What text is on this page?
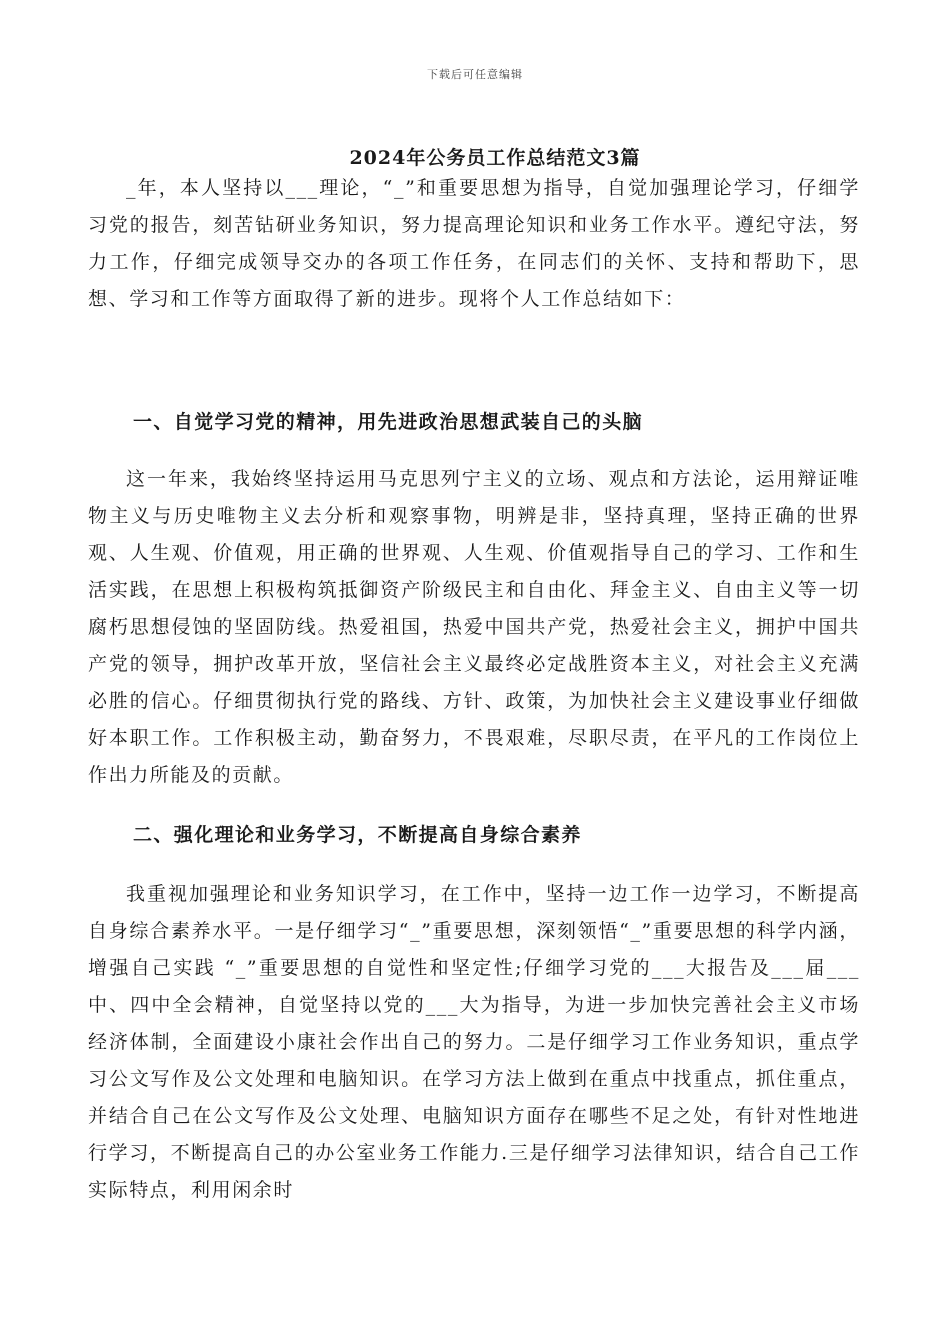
下载后可任意编辑
2024年公务员工作总结范文3篇

_年，本人坚持以___理论，“_”和重要思想为指导，自觉加强理论学习，仔细学习党的报告，刻苦钻研业务知识，努力提高理论知识和业务工作水平。遵纪守法，努力工作，仔细完成领导交办的各项工作任务，在同志们的关怀、支持和帮助下，思想、学习和工作等方面取得了新的进步。现将个人工作总结如下：

一、自觉学习党的精神，用先进政治思想武装自己的头脑

这一年来，我始终坚持运用马克思列宁主义的立场、观点和方法论，运用辩证唯物主义与历史唯物主义去分析和观察事物，明辨是非，坚持真理，坚持正确的世界观、人生观、价值观，用正确的世界观、人生观、价值观指导自己的学习、工作和生活实践，在思想上积极构筑抵御资产阶级民主和自由化、拜金主义、自由主义等一切腐朽思想侵蚀的坚固防线。热爱祖国，热爱中国共产党，热爱社会主义，拥护中国共产党的领导，拥护改革开放，坚信社会主义最终必定战胜资本主义，对社会主义充满必胜的信心。仔细贯彻执行党的路线、方针、政策，为加快社会主义建设事业仔细做好本职工作。工作积极主动，勤奋努力，不畏艰难，尽职尽责，在平凡的工作岗位上作出力所能及的贡献。

二、强化理论和业务学习，不断提高自身综合素养

我重视加强理论和业务知识学习，在工作中，坚持一边工作一边学习，不断提高自身综合素养水平。一是仔细学习“_”重要思想，深刻领悟“_”重要思想的科学内涵，增强自己实践 “_”重要思想的自觉性和坚定性;仔细学习党的___大报告及___届___中、四中全会精神，自觉坚持以党的___大为指导，为进一步加快完善社会主义市场经济体制，全面建设小康社会作出自己的努力。二是仔细学习工作业务知识，重点学习公文写作及公文处理和电脑知识。在学习方法上做到在重点中找重点，抓住重点，并结合自己在公文写作及公文处理、电脑知识方面存在哪些不足之处，有针对性地进行学习，不断提高自己的办公室业务工作能力.三是仔细学习法律知识，结合自己工作实际特点，利用闲余时
